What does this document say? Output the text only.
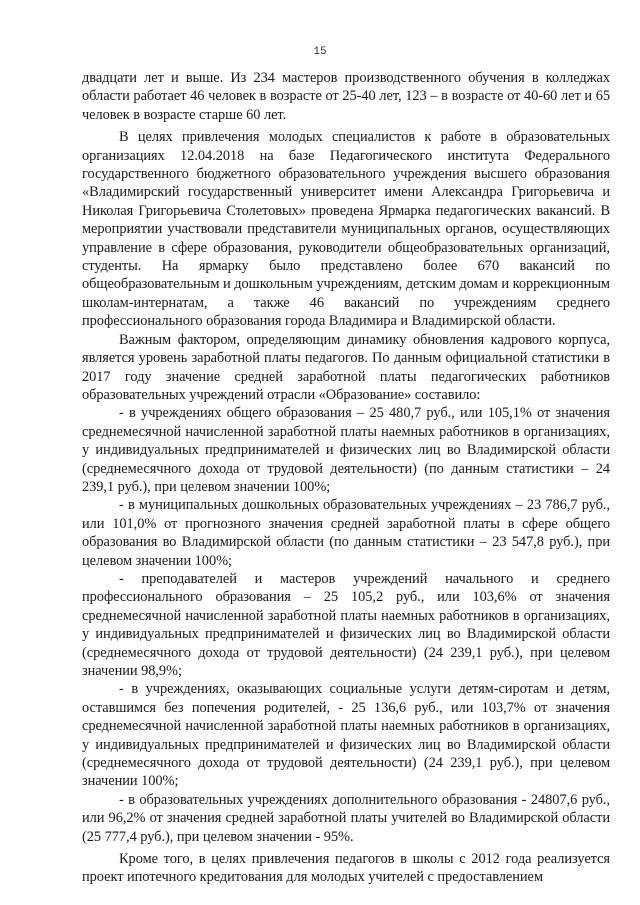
15

двадцати лет и выше. Из 234 мастеров производственного обучения в колледжах области работает 46 человек в возрасте от 25-40 лет, 123 – в возрасте от 40-60 лет и 65 человек в возрасте старше 60 лет.

В целях привлечения молодых специалистов к работе в образовательных организациях 12.04.2018 на базе Педагогического института Федерального государственного бюджетного образовательного учреждения высшего образования «Владимирский государственный университет имени Александра Григорьевича и Николая Григорьевича Столетовых» проведена Ярмарка педагогических вакансий. В мероприятии участвовали представители муниципальных органов, осуществляющих управление в сфере образования, руководители общеобразовательных организаций, студенты. На ярмарку было представлено более 670 вакансий по общеобразовательным и дошкольным учреждениям, детским домам и коррекционным школам-интернатам, а также 46 вакансий по учреждениям среднего профессионального образования города Владимира и Владимирской области.

Важным фактором, определяющим динамику обновления кадрового корпуса, является уровень заработной платы педагогов. По данным официальной статистики в 2017 году значение средней заработной платы педагогических работников образовательных учреждений отрасли «Образование» составило:

- в учреждениях общего образования – 25 480,7 руб., или 105,1% от значения среднемесячной начисленной заработной платы наемных работников в организациях, у индивидуальных предпринимателей и физических лиц во Владимирской области (среднемесячного дохода от трудовой деятельности) (по данным статистики – 24 239,1 руб.), при целевом значении 100%;

- в муниципальных дошкольных образовательных учреждениях – 23 786,7 руб., или 101,0% от прогнозного значения средней заработной платы в сфере общего образования во Владимирской области (по данным статистики – 23 547,8 руб.), при целевом значении 100%;

- преподавателей и мастеров учреждений начального и среднего профессионального образования – 25 105,2 руб., или 103,6% от значения среднемесячной начисленной заработной платы наемных работников в организациях, у индивидуальных предпринимателей и физических лиц во Владимирской области (среднемесячного дохода от трудовой деятельности) (24 239,1 руб.), при целевом значении 98,9%;

- в учреждениях, оказывающих социальные услуги детям-сиротам и детям, оставшимся без попечения родителей, - 25 136,6 руб., или 103,7% от значения среднемесячной начисленной заработной платы наемных работников в организациях, у индивидуальных предпринимателей и физических лиц во Владимирской области (среднемесячного дохода от трудовой деятельности) (24 239,1 руб.), при целевом значении 100%;

- в образовательных учреждениях дополнительного образования - 24807,6 руб., или 96,2% от значения средней заработной платы учителей во Владимирской области (25 777,4 руб.), при целевом значении - 95%.

Кроме того, в целях привлечения педагогов в школы с 2012 года реализуется проект ипотечного кредитования для молодых учителей с предоставлением
